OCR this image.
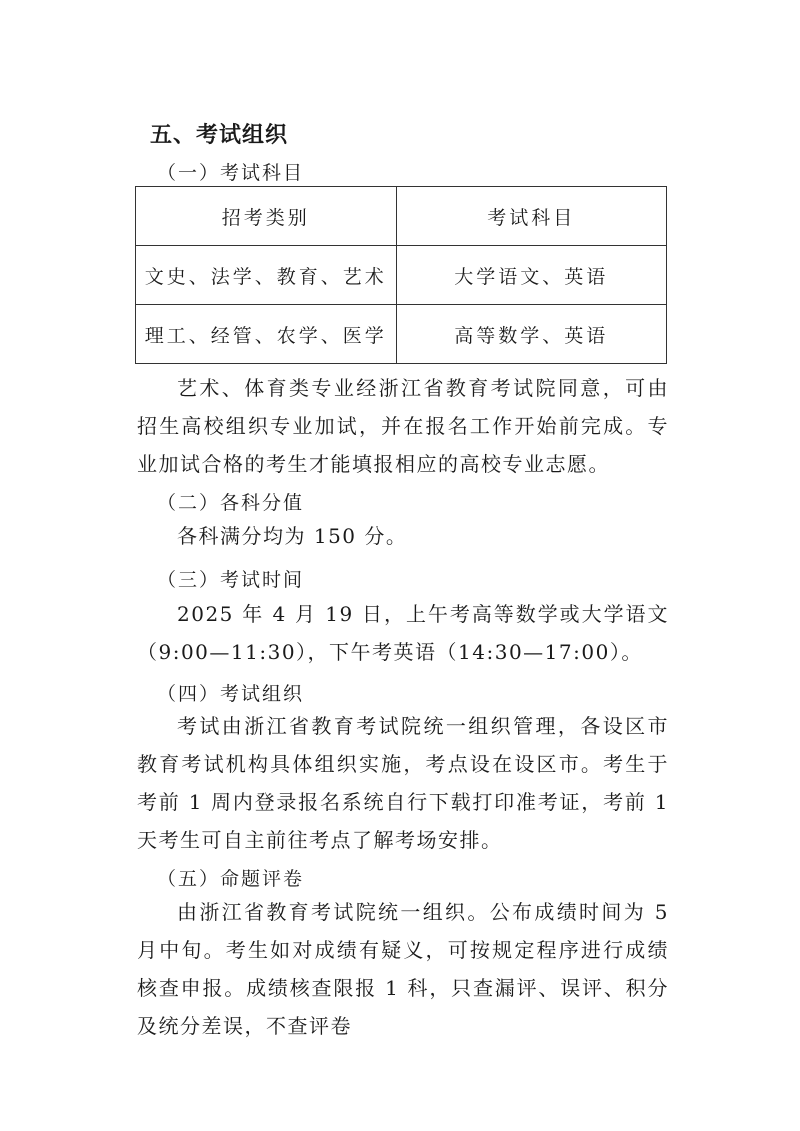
五、考试组织
（一）考试科目
招考类别	考试科目
文史、法学、教育、艺术	大学语文、英语
理工、经管、农学、医学	高等数学、英语

艺术、体育类专业经浙江省教育考试院同意，可由招生高校组织专业加试，并在报名工作开始前完成。专业加试合格的考生才能填报相应的高校专业志愿。

（二）各科分值

各科满分均为 150 分。

（三）考试时间

2025 年 4 月 19 日，上午考高等数学或大学语文（9:00—11:30），下午考英语（14:30—17:00）。

（四）考试组织

考试由浙江省教育考试院统一组织管理，各设区市教育考试机构具体组织实施，考点设在设区市。考生于考前 1 周内登录报名系统自行下载打印准考证，考前 1 天考生可自主前往考点了解考场安排。

（五）命题评卷

由浙江省教育考试院统一组织。公布成绩时间为 5 月中旬。考生如对成绩有疑义，可按规定程序进行成绩核查申报。成绩核查限报 1 科，只查漏评、误评、积分及统分差误，不查评卷
